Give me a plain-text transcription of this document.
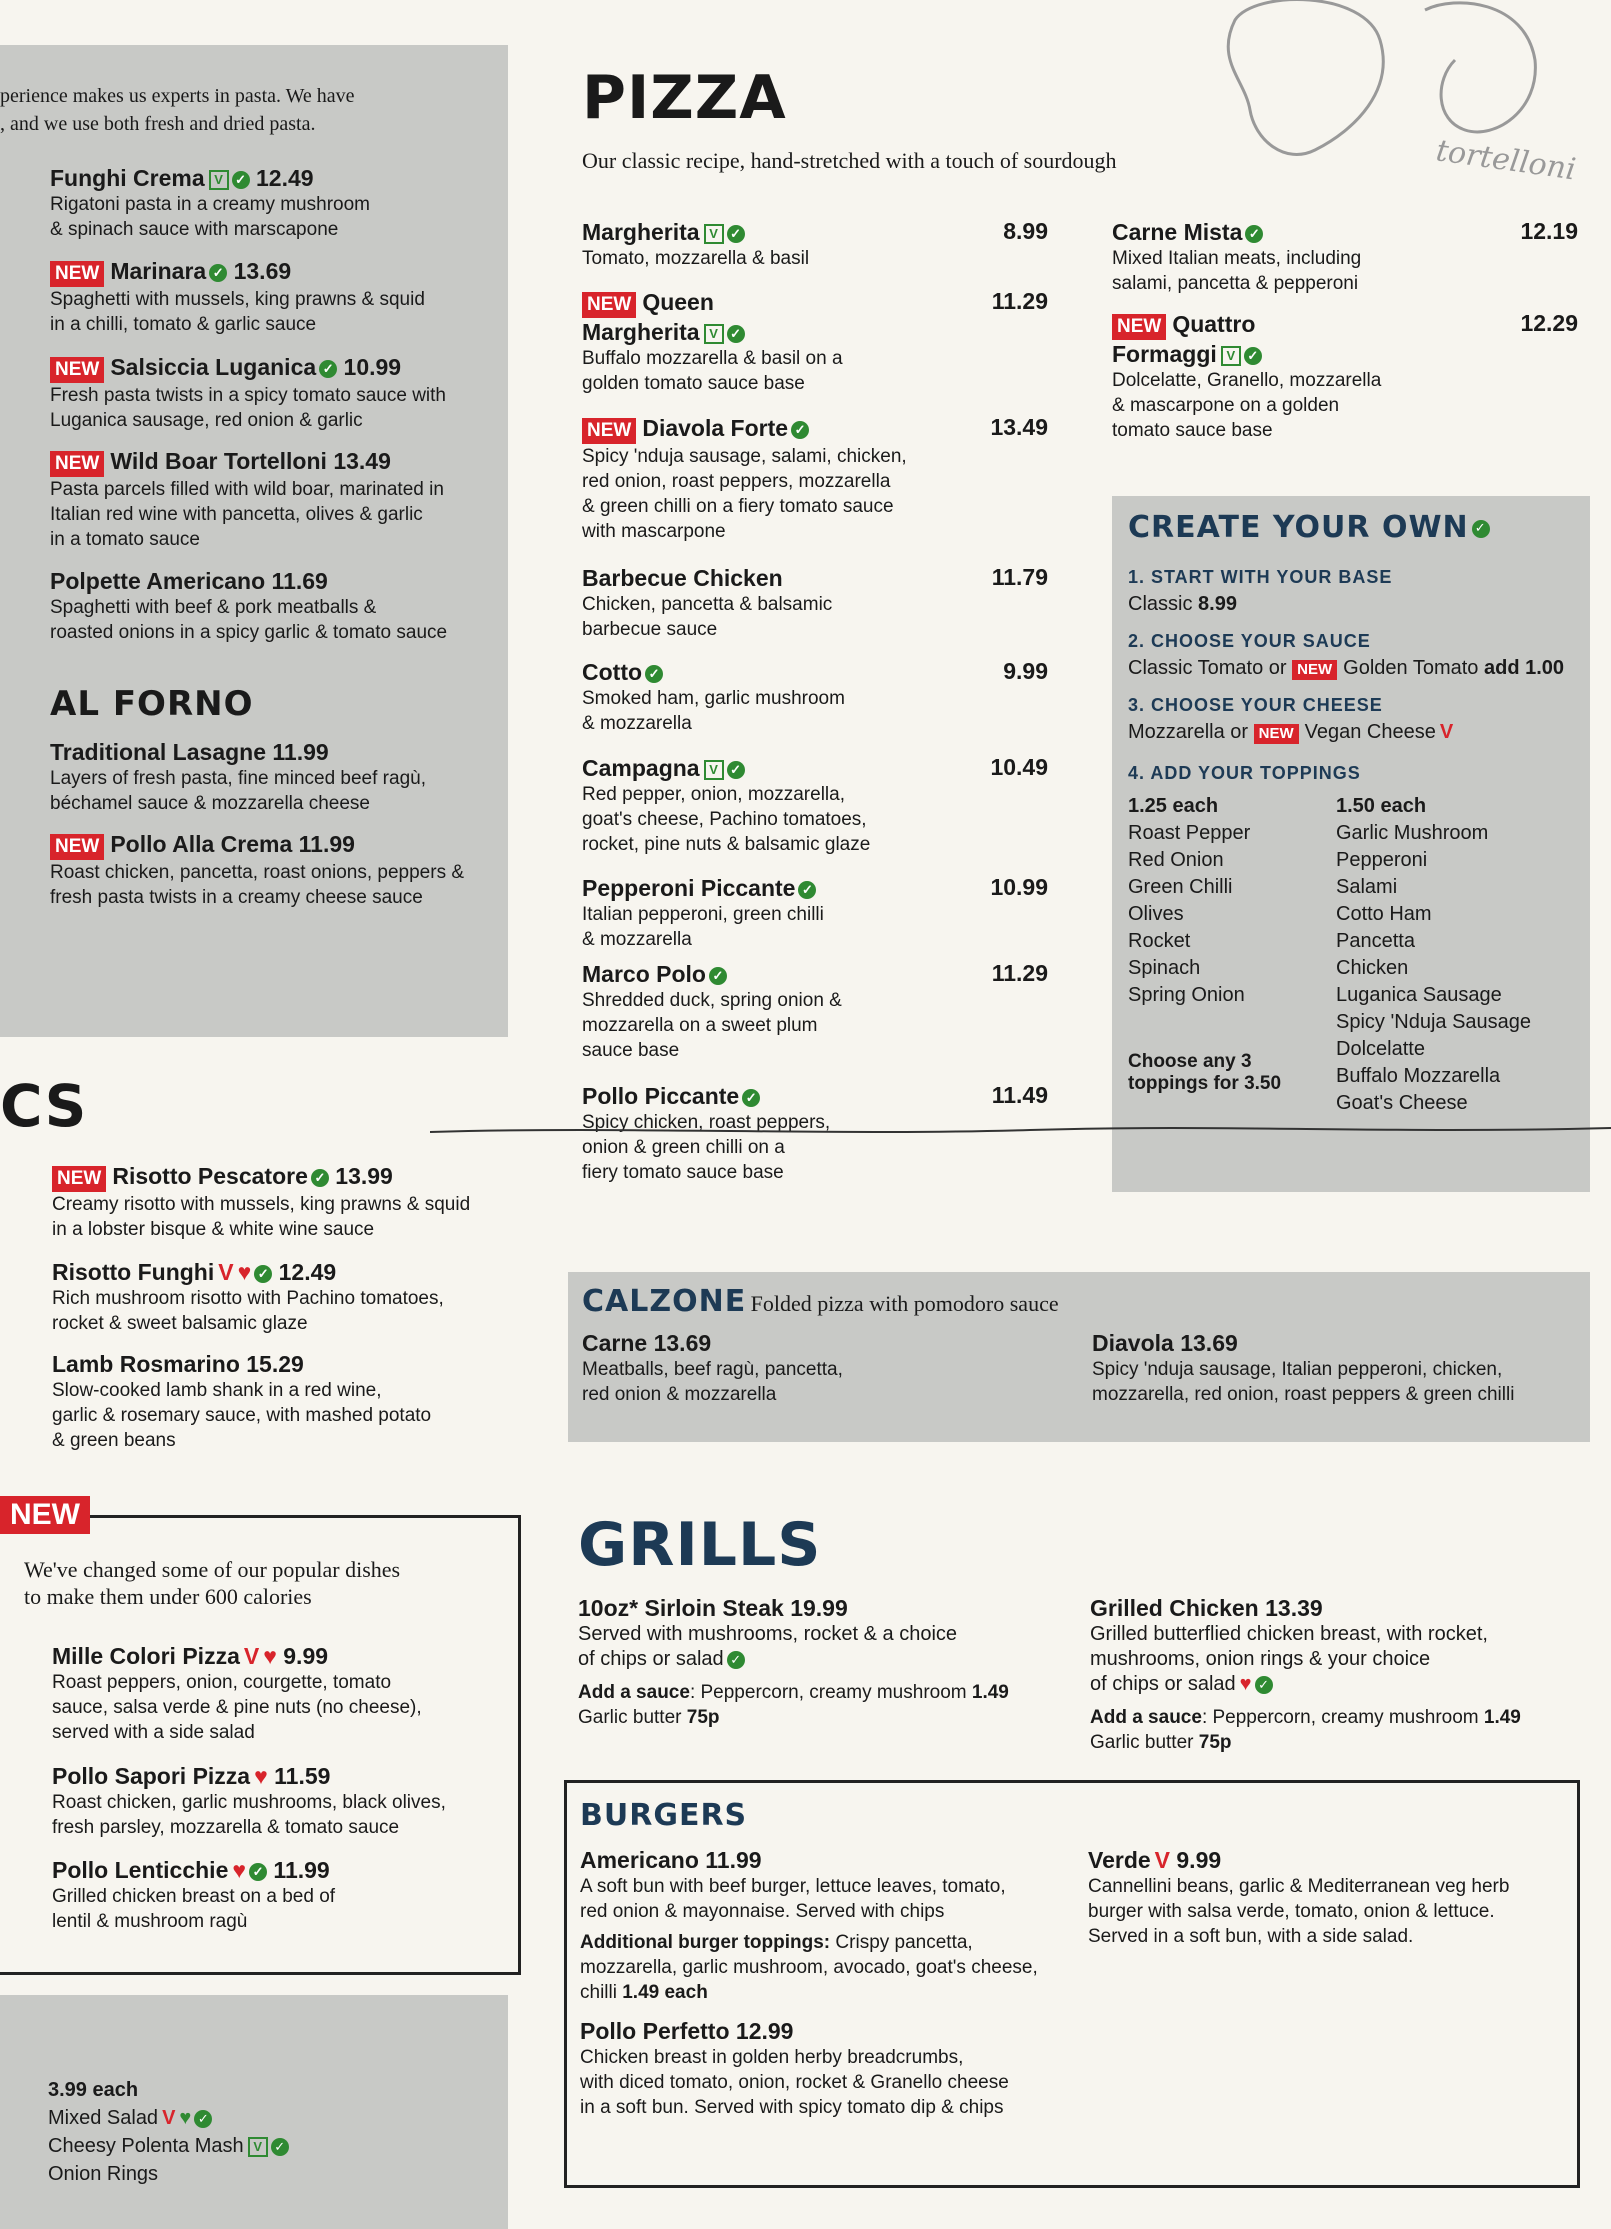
tortelloni
perience makes us experts in pasta. We have
, and we use both fresh and dried pasta.
Funghi Crema V ✓ 12.49
Rigatoni pasta in a creamy mushroom
& spinach sauce with marscapone
NEW Marinara ✓ 13.69
Spaghetti with mussels, king prawns & squid
in a chilli, tomato & garlic sauce
NEW Salsiccia Luganica ✓ 10.99
Fresh pasta twists in a spicy tomato sauce with
Luganica sausage, red onion & garlic
NEW Wild Boar Tortelloni 13.49
Pasta parcels filled with wild boar, marinated in
Italian red wine with pancetta, olives & garlic
in a tomato sauce
Polpette Americano 11.69
Spaghetti with beef & pork meatballs &
roasted onions in a spicy garlic & tomato sauce
AL FORNO
Traditional Lasagne 11.99
Layers of fresh pasta, fine minced beef ragù,
béchamel sauce & mozzarella cheese
NEW Pollo Alla Crema 11.99
Roast chicken, pancetta, roast onions, peppers &
fresh pasta twists in a creamy cheese sauce
CS
NEW Risotto Pescatore ✓ 13.99
Creamy risotto with mussels, king prawns & squid
in a lobster bisque & white wine sauce
Risotto Funghi V ♥ ✓ 12.49
Rich mushroom risotto with Pachino tomatoes,
rocket & sweet balsamic glaze
Lamb Rosmarino 15.29
Slow-cooked lamb shank in a red wine,
garlic & rosemary sauce, with mashed potato
& green beans
NEW
We've changed some of our popular dishes
to make them under 600 calories
Mille Colori Pizza V ♥ 9.99
Roast peppers, onion, courgette, tomato
sauce, salsa verde & pine nuts (no cheese),
served with a side salad
Pollo Sapori Pizza ♥ 11.59
Roast chicken, garlic mushrooms, black olives,
fresh parsley, mozzarella & tomato sauce
Pollo Lenticchie ♥ ✓ 11.99
Grilled chicken breast on a bed of
lentil & mushroom ragù
3.99 each
Mixed Salad V ♥ ✓
Cheesy Polenta Mash V ✓
Onion Rings
PIZZA
Our classic recipe, hand-stretched with a touch of sourdough
Margherita V ✓	8.99
Tomato, mozzarella & basil
NEW Queen	11.29
Margherita V ✓
Buffalo mozzarella & basil on a
golden tomato sauce base
NEW Diavola Forte ✓	13.49
Spicy 'nduja sausage, salami, chicken,
red onion, roast peppers, mozzarella
& green chilli on a fiery tomato sauce
with mascarpone
Barbecue Chicken	11.79
Chicken, pancetta & balsamic
barbecue sauce
Cotto ✓	9.99
Smoked ham, garlic mushroom
& mozzarella
Campagna V ✓	10.49
Red pepper, onion, mozzarella,
goat's cheese, Pachino tomatoes,
rocket, pine nuts & balsamic glaze
Pepperoni Piccante ✓	10.99
Italian pepperoni, green chilli
& mozzarella
Marco Polo ✓	11.29
Shredded duck, spring onion &
mozzarella on a sweet plum
sauce base
Pollo Piccante ✓	11.49
Spicy chicken, roast peppers,
onion & green chilli on a
fiery tomato sauce base
Carne Mista ✓	12.19
Mixed Italian meats, including
salami, pancetta & pepperoni
NEW Quattro	12.29
Formaggi V ✓
Dolcelatte, Granello, mozzarella
& mascarpone on a golden
tomato sauce base
CREATE YOUR OWN ✓
1. START WITH YOUR BASE
Classic 8.99
2. CHOOSE YOUR SAUCE
Classic Tomato or NEW Golden Tomato add 1.00
3. CHOOSE YOUR CHEESE
Mozzarella or NEW Vegan Cheese V
4. ADD YOUR TOPPINGS
1.25 each
Roast Pepper
Red Onion
Green Chilli
Olives
Rocket
Spinach
Spring Onion
Choose any 3
toppings for 3.50
1.50 each
Garlic Mushroom
Pepperoni
Salami
Cotto Ham
Pancetta
Chicken
Luganica Sausage
Spicy 'Nduja Sausage
Dolcelatte
Buffalo Mozzarella
Goat's Cheese
CALZONE Folded pizza with pomodoro sauce
Carne 13.69
Meatballs, beef ragù, pancetta,
red onion & mozzarella
Diavola 13.69
Spicy 'nduja sausage, Italian pepperoni, chicken,
mozzarella, red onion, roast peppers & green chilli
GRILLS
10oz* Sirloin Steak 19.99
Served with mushrooms, rocket & a choice
of chips or salad ✓
Add a sauce: Peppercorn, creamy mushroom 1.49
Garlic butter 75p
Grilled Chicken 13.39
Grilled butterflied chicken breast, with rocket,
mushrooms, onion rings & your choice
of chips or salad ♥ ✓
Add a sauce: Peppercorn, creamy mushroom 1.49
Garlic butter 75p
BURGERS
Americano 11.99
A soft bun with beef burger, lettuce leaves, tomato,
red onion & mayonnaise. Served with chips
Additional burger toppings: Crispy pancetta,
mozzarella, garlic mushroom, avocado, goat's cheese,
chilli 1.49 each
Pollo Perfetto 12.99
Chicken breast in golden herby breadcrumbs,
with diced tomato, onion, rocket & Granello cheese
in a soft bun. Served with spicy tomato dip & chips
Verde V 9.99
Cannellini beans, garlic & Mediterranean veg herb
burger with salsa verde, tomato, onion & lettuce.
Served in a soft bun, with a side salad.
